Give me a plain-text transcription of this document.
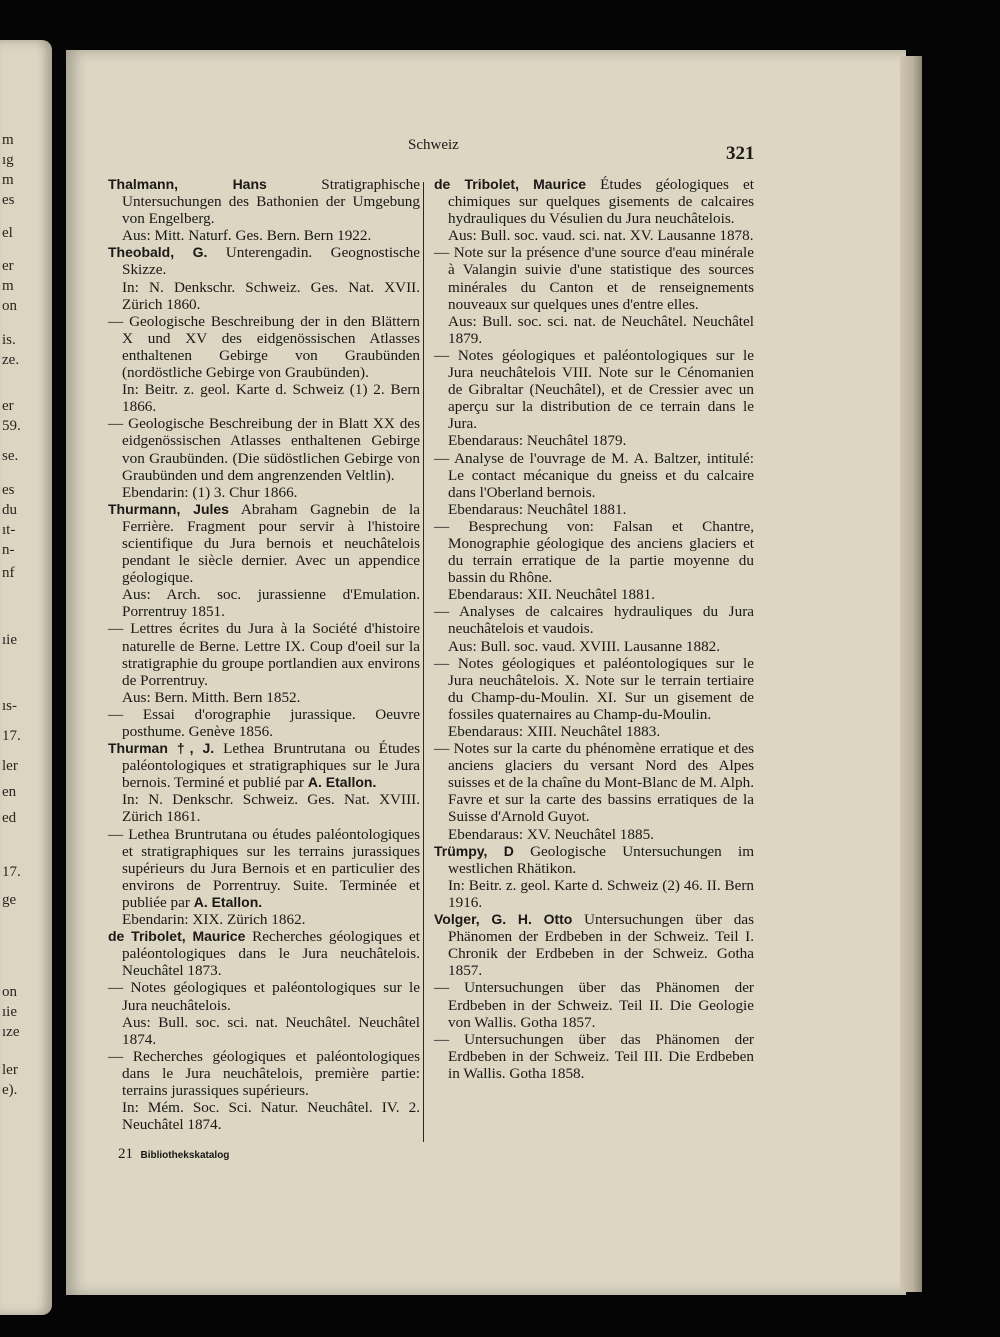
m
ıg
m
es
el
er
m
on
is.
ze.
er
59.
se.
es
du
ıt-
n-
nf
ıie
ıs-
17.
ler
en
ed
17.
ge
on
ıie
ıze
ler
e).
Schweiz	321
Thalmann, Hans	Stratigraphische Untersuchungen des Bathonien der Umgebung von Engelberg.
Aus: Mitt. Naturf. Ges. Bern. Bern 1922.
Theobald, G. Unterengadin. Geognostische Skizze.
In: N. Denkschr. Schweiz. Ges. Nat. XVII. Zürich 1860.
— Geologische Beschreibung der in den Blättern X und XV des eidgenössischen Atlasses enthaltenen Gebirge von Graubünden (nordöstliche Gebirge von Graubünden).
In: Beitr. z. geol. Karte d. Schweiz (1) 2. Bern 1866.
— Geologische Beschreibung der in Blatt XX des eidgenössischen Atlasses enthaltenen Gebirge von Graubünden. (Die südöstlichen Gebirge von Graubünden und dem angrenzenden Veltlin).
Ebendarin: (1) 3. Chur 1866.
Thurmann, Jules Abraham Gagnebin de la Ferrière. Fragment pour servir à l'histoire scientifique du Jura bernois et neuchâtelois pendant le siècle dernier. Avec un appendice géologique.
Aus: Arch. soc. jurassienne d'Emulation. Porrentruy 1851.
— Lettres écrites du Jura à la Société d'histoire naturelle de Berne. Lettre IX. Coup d'oeil sur la stratigraphie du groupe portlandien aux environs de Porrentruy.
Aus: Bern. Mitth. Bern 1852.
— Essai d'orographie jurassique. Oeuvre posthume. Genève 1856.
Thurman †, J. Lethea Bruntrutana ou Études paléontologiques et stratigraphiques sur le Jura bernois. Terminé et publié par A. Etallon.
In: N. Denkschr. Schweiz. Ges. Nat. XVIII. Zürich 1861.
— Lethea Bruntrutana ou études paléontologiques et stratigraphiques sur les terrains jurassiques supérieurs du Jura Bernois et en particulier des environs de Porrentruy. Suite. Terminée et publiée par A. Etallon.
Ebendarin: XIX. Zürich 1862.
de Tribolet, Maurice Recherches géologiques et paléontologiques dans le Jura neuchâtelois. Neuchâtel 1873.
— Notes géologiques et paléontologiques sur le Jura neuchâtelois.
Aus: Bull. soc. sci. nat. Neuchâtel. Neuchâtel 1874.
— Recherches géologiques et paléontologiques dans le Jura neuchâtelois, première partie: terrains jurassiques supérieurs.
In: Mém. Soc. Sci. Natur. Neuchâtel. IV. 2. Neuchâtel 1874.
de Tribolet, Maurice Études géologiques et chimiques sur quelques gisements de calcaires hydrauliques du Vésulien du Jura neuchâtelois.
Aus: Bull. soc. vaud. sci. nat. XV. Lausanne 1878.
— Note sur la présence d'une source d'eau minérale à Valangin suivie d'une statistique des sources minérales du Canton et de renseignements nouveaux sur quelques unes d'entre elles.
Aus: Bull. soc. sci. nat. de Neuchâtel. Neuchâtel 1879.
— Notes géologiques et paléontologiques sur le Jura neuchâtelois VIII. Note sur le Cénomanien de Gibraltar (Neuchâtel), et de Cressier avec un aperçu sur la distribution de ce terrain dans le Jura.
Ebendaraus: Neuchâtel 1879.
— Analyse de l'ouvrage de M. A. Baltzer, intitulé: Le contact mécanique du gneiss et du calcaire dans l'Oberland bernois.
Ebendaraus: Neuchâtel 1881.
— Besprechung von: Falsan et Chantre, Monographie géologique des anciens glaciers et du terrain erratique de la partie moyenne du bassin du Rhône.
Ebendaraus: XII. Neuchâtel 1881.
— Analyses de calcaires hydrauliques du Jura neuchâtelois et vaudois.
Aus: Bull. soc. vaud. XVIII. Lausanne 1882.
— Notes géologiques et paléontologiques sur le Jura neuchâtelois. X. Note sur le terrain tertiaire du Champ-du-Moulin. XI. Sur un gisement de fossiles quaternaires au Champ-du-Moulin.
Ebendaraus: XIII. Neuchâtel 1883.
— Notes sur la carte du phénomène erratique et des anciens glaciers du versant Nord des Alpes suisses et de la chaîne du Mont-Blanc de M. Alph. Favre et sur la carte des bassins erratiques de la Suisse d'Arnold Guyot.
Ebendaraus: XV. Neuchâtel 1885.
Trümpy, D Geologische Untersuchungen im westlichen Rhätikon.
In: Beitr. z. geol. Karte d. Schweiz (2) 46. II. Bern 1916.
Volger, G. H. Otto Untersuchungen über das Phänomen der Erdbeben in der Schweiz. Teil I. Chronik der Erdbeben in der Schweiz. Gotha 1857.
— Untersuchungen über das Phänomen der Erdbeben in der Schweiz. Teil II. Die Geologie von Wallis. Gotha 1857.
— Untersuchungen über das Phänomen der Erdbeben in der Schweiz. Teil III. Die Erdbeben in Wallis. Gotha 1858.
21 Bibliothekskatalog
